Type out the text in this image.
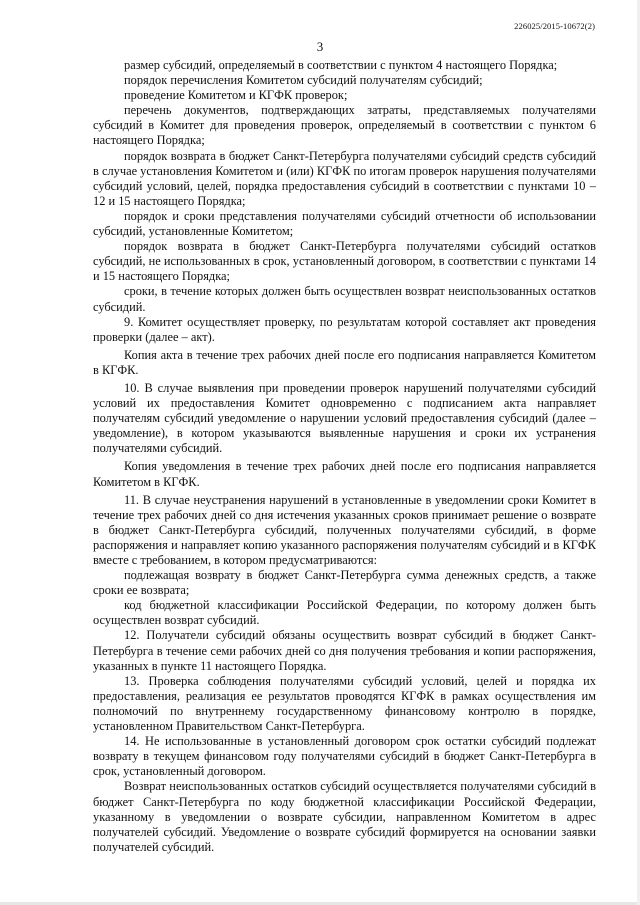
226025/2015-10672(2)
3

размер субсидий, определяемый в соответствии с пунктом 4 настоящего Порядка;

порядок перечисления Комитетом субсидий получателям субсидий;

проведение Комитетом и КГФК проверок;

перечень документов, подтверждающих затраты, представляемых получателями субсидий в Комитет для проведения проверок, определяемый в соответствии с пунктом 6 настоящего Порядка;

порядок возврата в бюджет Санкт-Петербурга получателями субсидий средств субсидий в случае установления Комитетом и (или) КГФК по итогам проверок нарушения получателями субсидий условий, целей, порядка предоставления субсидий в соответствии с пунктами 10 – 12 и 15 настоящего Порядка;

порядок и сроки представления получателями субсидий отчетности об использовании субсидий, установленные Комитетом;

порядок возврата в бюджет Санкт-Петербурга получателями субсидий остатков субсидий, не использованных в срок, установленный договором, в соответствии с пунктами 14 и 15 настоящего Порядка;

сроки, в течение которых должен быть осуществлен возврат неиспользованных остатков субсидий.

9. Комитет осуществляет проверку, по результатам которой составляет акт проведения проверки (далее – акт).

Копия акта в течение трех рабочих дней после его подписания направляется Комитетом в КГФК.

10. В случае выявления при проведении проверок нарушений получателями субсидий условий их предоставления Комитет одновременно с подписанием акта направляет получателям субсидий уведомление о нарушении условий предоставления субсидий (далее – уведомление), в котором указываются выявленные нарушения и сроки их устранения получателями субсидий.

Копия уведомления в течение трех рабочих дней после его подписания направляется Комитетом в КГФК.

11. В случае неустранения нарушений в установленные в уведомлении сроки Комитет в течение трех рабочих дней со дня истечения указанных сроков принимает решение о возврате в бюджет Санкт-Петербурга субсидий, полученных получателями субсидий, в форме распоряжения и направляет копию указанного распоряжения получателям субсидий и в КГФК вместе с требованием, в котором предусматриваются:

подлежащая возврату в бюджет Санкт-Петербурга сумма денежных средств, а также сроки ее возврата;

код бюджетной классификации Российской Федерации, по которому должен быть осуществлен возврат субсидий.

12. Получатели субсидий обязаны осуществить возврат субсидий в бюджет Санкт-Петербурга в течение семи рабочих дней со дня получения требования и копии распоряжения, указанных в пункте 11 настоящего Порядка.

13. Проверка соблюдения получателями субсидий условий, целей и порядка их предоставления, реализация ее результатов проводятся КГФК в рамках осуществления им полномочий по внутреннему государственному финансовому контролю в порядке, установленном Правительством Санкт-Петербурга.

14. Не использованные в установленный договором срок остатки субсидий подлежат возврату в текущем финансовом году получателями субсидий в бюджет Санкт-Петербурга в срок, установленный договором.

Возврат неиспользованных остатков субсидий осуществляется получателями субсидий в бюджет Санкт-Петербурга по коду бюджетной классификации Российской Федерации, указанному в уведомлении о возврате субсидии, направленном Комитетом в адрес получателей субсидий. Уведомление о возврате субсидий формируется на основании заявки получателей субсидий.
